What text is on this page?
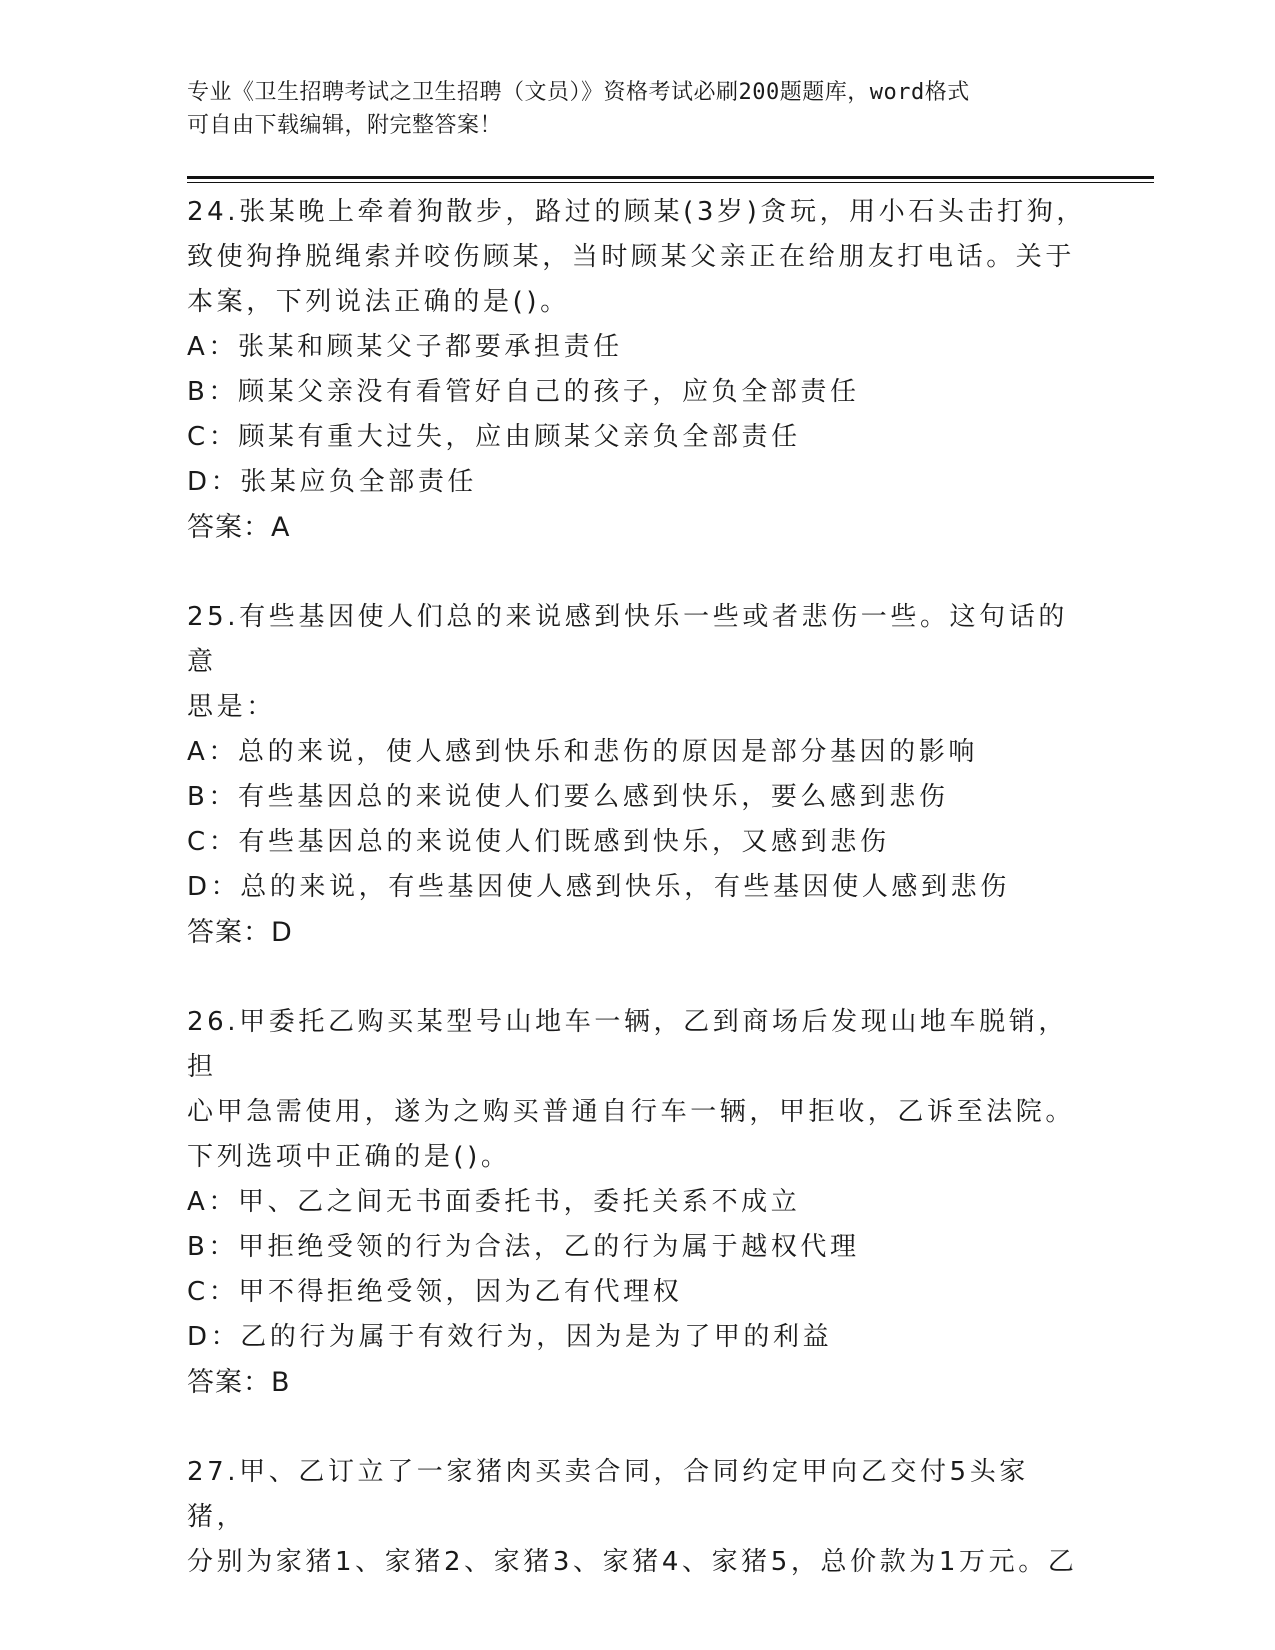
专业《卫生招聘考试之卫生招聘（文员）》资格考试必刷200题题库，word格式
可自由下载编辑，附完整答案！

24.张某晚上牵着狗散步，路过的顾某(3岁)贪玩，用小石头击打狗，

致使狗挣脱绳索并咬伤顾某，当时顾某父亲正在给朋友打电话。关于

本案，下列说法正确的是()。

A：张某和顾某父子都要承担责任

B：顾某父亲没有看管好自己的孩子，应负全部责任

C：顾某有重大过失，应由顾某父亲负全部责任

D：张某应负全部责任

答案：A

25.有些基因使人们总的来说感到快乐一些或者悲伤一些。这句话的意

思是：

A：总的来说，使人感到快乐和悲伤的原因是部分基因的影响

B：有些基因总的来说使人们要么感到快乐，要么感到悲伤

C：有些基因总的来说使人们既感到快乐，又感到悲伤

D：总的来说，有些基因使人感到快乐，有些基因使人感到悲伤

答案：D

26.甲委托乙购买某型号山地车一辆，乙到商场后发现山地车脱销，担

心甲急需使用，遂为之购买普通自行车一辆，甲拒收，乙诉至法院。

下列选项中正确的是()。

A：甲、乙之间无书面委托书，委托关系不成立

B：甲拒绝受领的行为合法，乙的行为属于越权代理

C：甲不得拒绝受领，因为乙有代理权

D：乙的行为属于有效行为，因为是为了甲的利益

答案：B

27.甲、乙订立了一家猪肉买卖合同，合同约定甲向乙交付5头家猪，

分别为家猪1、家猪2、家猪3、家猪4、家猪5，总价款为1万元。乙
